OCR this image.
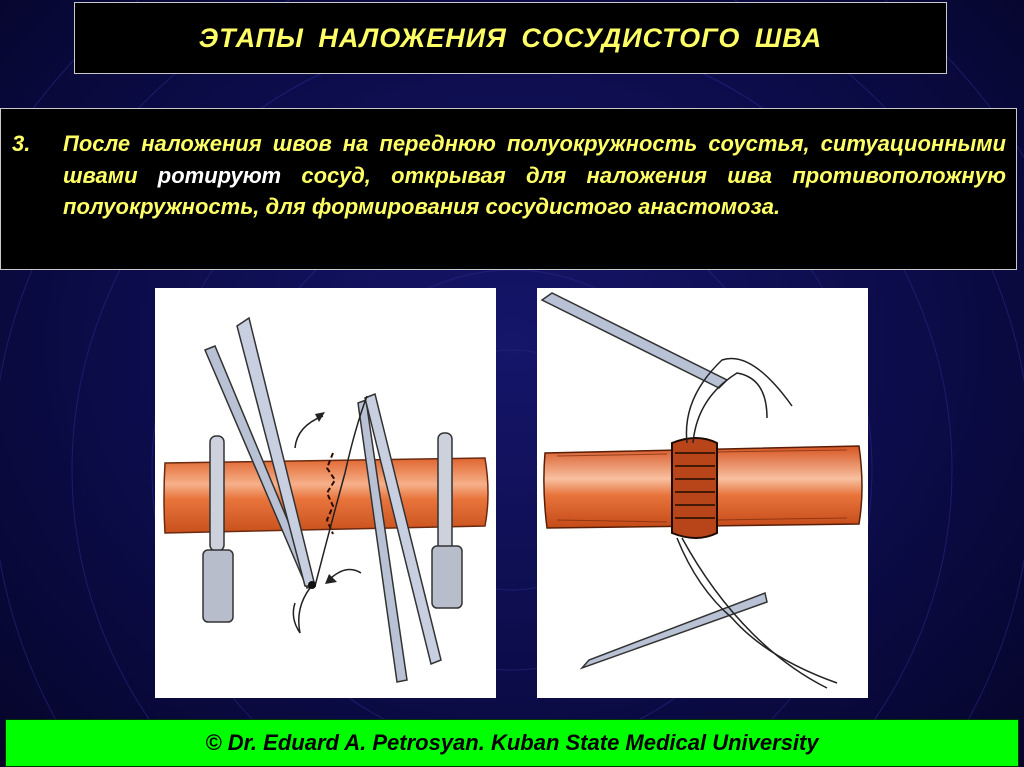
ЭТАПЫ НАЛОЖЕНИЯ СОСУДИСТОГО ШВА
3. После наложения швов на переднюю полуокружность соустья, ситуационными швами ротируют сосуд, открывая для наложения шва противоположную полуокружность, для формирования сосудистого анастомоза.
© Dr. Eduard A. Petrosyan. Kuban State Medical University
